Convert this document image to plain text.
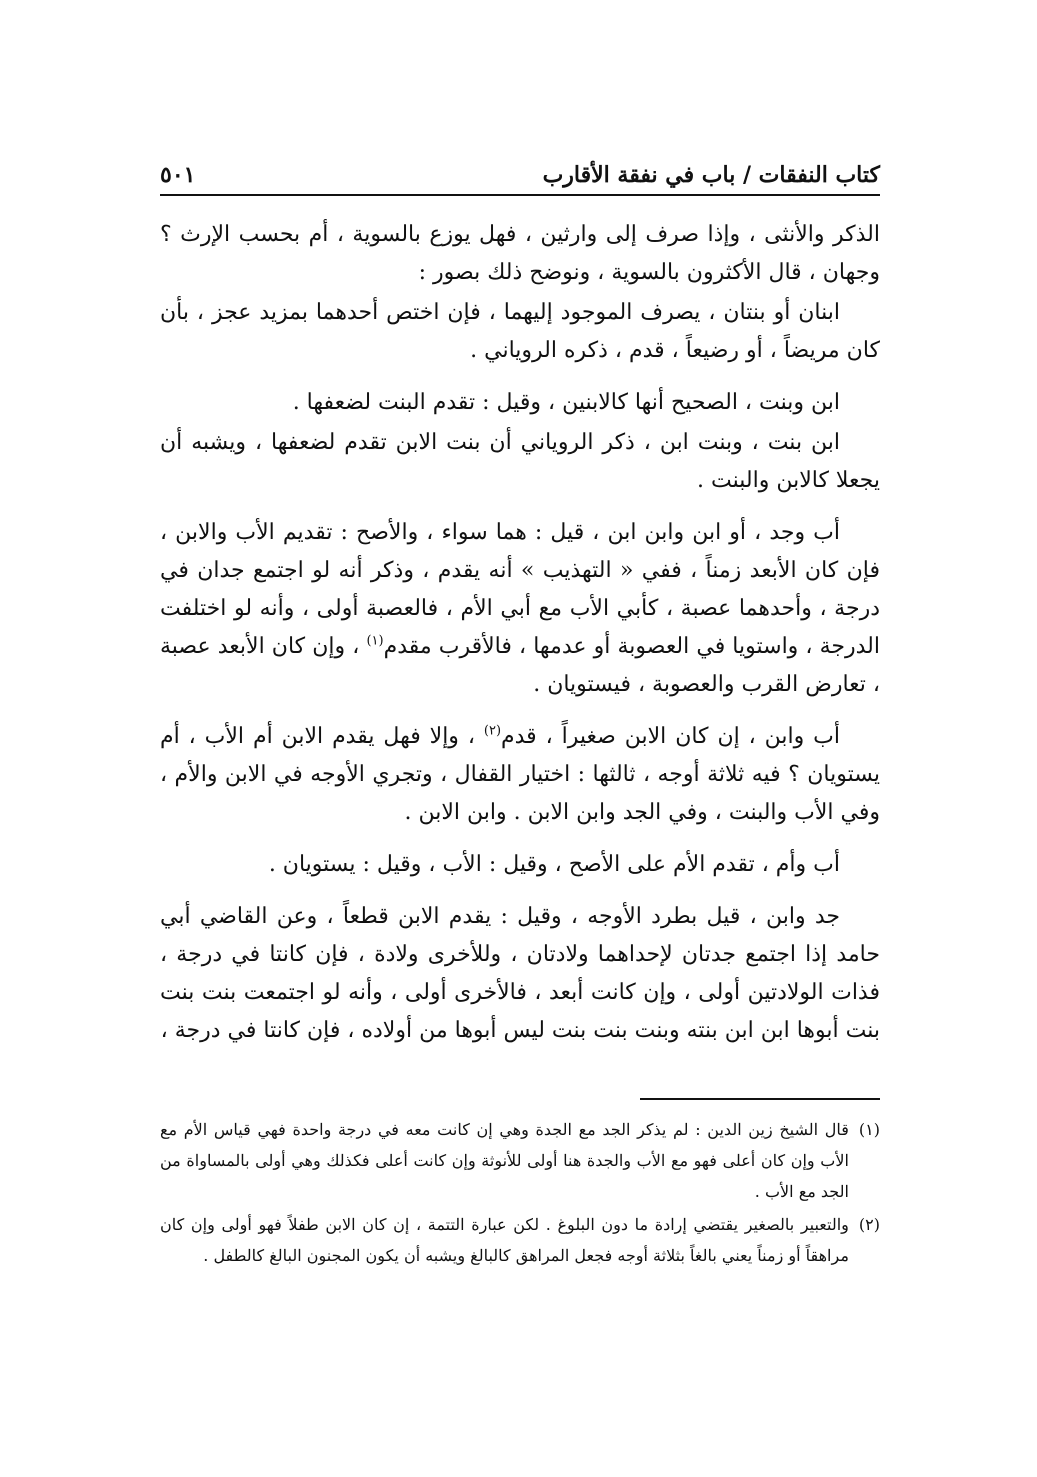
كتاب النفقات / باب في نفقة الأقارب
٥٠١

الذكر والأنثى ، وإذا صرف إلى وارثين ، فهل يوزع بالسوية ، أم بحسب الإرث ؟ وجهان ، قال الأكثرون بالسوية ، ونوضح ذلك بصور :

ابنان أو بنتان ، يصرف الموجود إليهما ، فإن اختص أحدهما بمزيد عجز ، بأن كان مريضاً ، أو رضيعاً ، قدم ، ذكره الروياني .

ابن وبنت ، الصحيح أنها كالابنين ، وقيل : تقدم البنت لضعفها .

ابن بنت ، وبنت ابن ، ذكر الروياني أن بنت الابن تقدم لضعفها ، ويشبه أن يجعلا كالابن والبنت .

أب وجد ، أو ابن وابن ابن ، قيل : هما سواء ، والأصح : تقديم الأب والابن ، فإن كان الأبعد زمناً ، ففي « التهذيب » أنه يقدم ، وذكر أنه لو اجتمع جدان في درجة ، وأحدهما عصبة ، كأبي الأب مع أبي الأم ، فالعصبة أولى ، وأنه لو اختلفت الدرجة ، واستويا في العصوبة أو عدمها ، فالأقرب مقدم$^{(١)}$ ، وإن كان الأبعد عصبة ، تعارض القرب والعصوبة ، فيستويان .

أب وابن ، إن كان الابن صغيراً ، قدم$^{(٢)}$ ، وإلا فهل يقدم الابن أم الأب ، أم يستويان ؟ فيه ثلاثة أوجه ، ثالثها : اختيار القفال ، وتجري الأوجه في الابن والأم ، وفي الأب والبنت ، وفي الجد وابن الابن . وابن الابن .

أب وأم ، تقدم الأم على الأصح ، وقيل : الأب ، وقيل : يستويان .

جد وابن ، قيل بطرد الأوجه ، وقيل : يقدم الابن قطعاً ، وعن القاضي أبي حامد إذا اجتمع جدتان لإحداهما ولادتان ، وللأخرى ولادة ، فإن كانتا في درجة ، فذات الولادتين أولى ، وإن كانت أبعد ، فالأخرى أولى ، وأنه لو اجتمعت بنت بنت بنت أبوها ابن ابن بنته وبنت بنت بنت ليس أبوها من أولاده ، فإن كانتا في درجة ،

(١)
قال الشيخ زين الدين : لم يذكر الجد مع الجدة وهي إن كانت معه في درجة واحدة فهي قياس الأم مع الأب وإن كان أعلى فهو مع الأب والجدة هنا أولى للأنوثة وإن كانت أعلى فكذلك وهي أولى بالمساواة من الجد مع الأب .
(٢)
والتعبير بالصغير يقتضي إرادة ما دون البلوغ . لكن عبارة التتمة ، إن كان الابن طفلاً فهو أولى وإن كان مراهقاً أو زمناً يعني بالغاً بثلاثة أوجه فجعل المراهق كالبالغ ويشبه أن يكون المجنون البالغ كالطفل .
